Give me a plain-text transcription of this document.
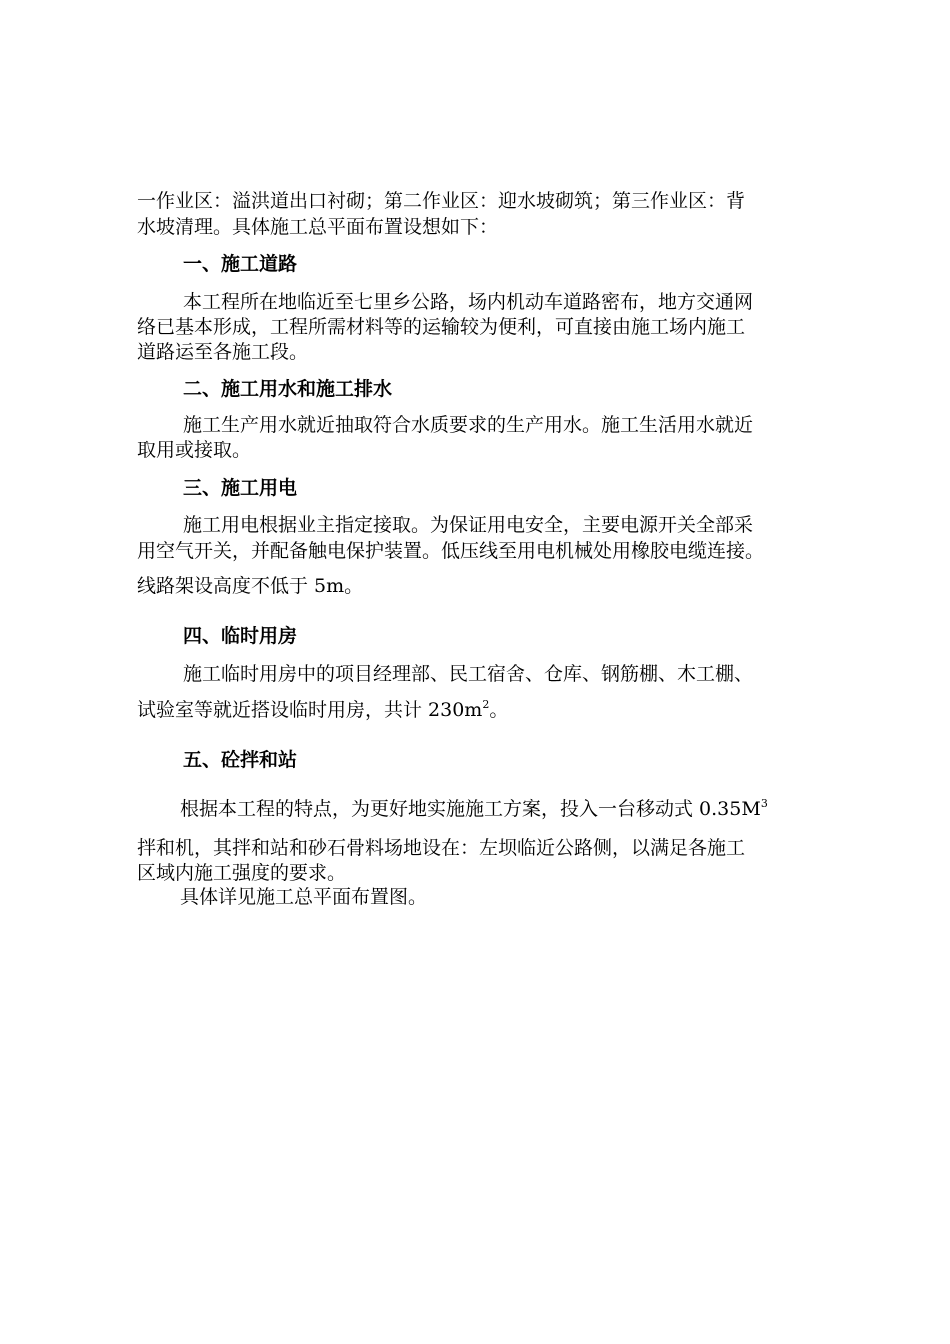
一作业区：溢洪道出口衬砌；第二作业区：迎水坡砌筑；第三作业区：背
水坡清理。具体施工总平面布置设想如下：
一、施工道路
本工程所在地临近至七里乡公路，场内机动车道路密布，地方交通网
络已基本形成，工程所需材料等的运输较为便利，可直接由施工场内施工
道路运至各施工段。
二、施工用水和施工排水
施工生产用水就近抽取符合水质要求的生产用水。施工生活用水就近
取用或接取。
三、施工用电
施工用电根据业主指定接取。为保证用电安全，主要电源开关全部采
用空气开关，并配备触电保护装置。低压线至用电机械处用橡胶电缆连接。
线路架设高度不低于 5m。
四、临时用房
施工临时用房中的项目经理部、民工宿舍、仓库、钢筋棚、木工棚、
试验室等就近搭设临时用房，共计 $230m^2$。
五、砼拌和站
根据本工程的特点，为更好地实施施工方案，投入一台移动式 $0.35M^3$
拌和机，其拌和站和砂石骨料场地设在：左坝临近公路侧，以满足各施工
区域内施工强度的要求。
具体详见施工总平面布置图。
